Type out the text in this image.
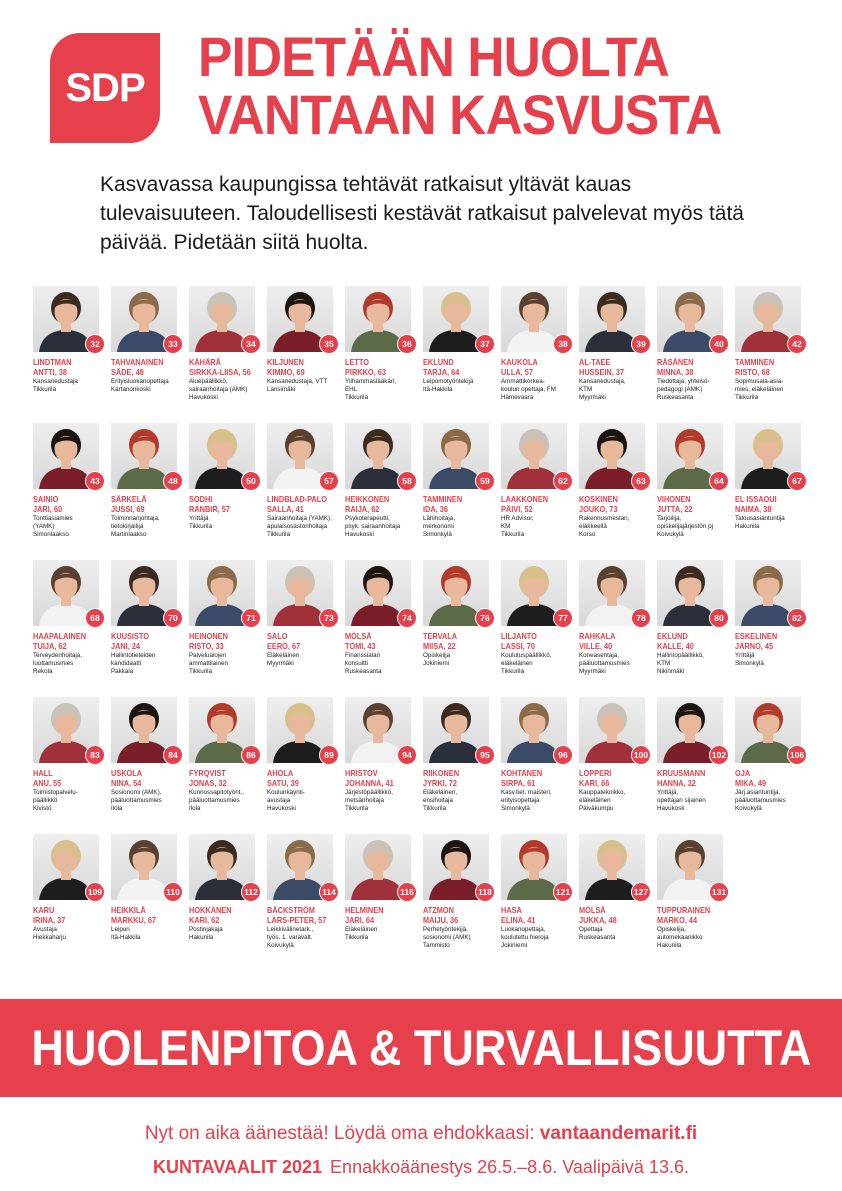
SDP PIDETÄÄN HUOLTA
VANTAAN KASVUSTA
Kasvavassa kaupungissa tehtävät ratkaisut yltävät kauas tulevaisuuteen. Taloudellisesti kestävät ratkaisut palvelevat myös tätä päivää. Pidetään siitä huolta.
32
LINDTMAN
ANTTI, 38
Kansanedustaja
Tikkurila
33
TAHVANAINEN
SÄDE, 48
Erityisluokanopettaja
Kartanonkoski
34
KÄHÄRÄ
SIRKKA-LIISA, 56
Aluepäällikkö,
sairaanhoitaja (AMK)
Havukoski
35
KILJUNEN
KIMMO, 69
Kansanedustaja, VTT
Länsimäki
36
LETTO
PIRKKO, 63
Ylihammaslääkäri,
EHL
Tikkurila
37
EKLUND
TARJA, 64
Leipomotyöntekijä
Itä-Hakkila
38
KAUKOLA
ULLA, 57
Ammattikorkea-
koulun opettaja, FM
Hämevaara
39
AL-TAEE
HUSSEIN, 37
Kansanedustaja,
KTM
Myyrmäki
40
RÄSÄNEN
MINNA, 38
Tiedottaja, yhteisö-
pedagogi (AMK)
Ruskeasanta
42
TAMMINEN
RISTO, 68
Sopimusala-asia-
mies, eläkeläinen
Tikkurila
43
SAINIO
JARI, 60
Tonttiasiamies
(YAMK)
Simonlaakso
48
SÄRKELÄ
JUSSI, 69
Toiminnanjohtaja,
tietokirjailija
Martinlaakso
50
SODHI
RANBIR, 57
Yrittäjä
Tikkurila
57
LINDBLAD-PALO
SALLA, 41
Sairaanhoitaja (YAMK),
apulaisosastonhoitaja
Tikkurila
58
HEIKKONEN
RAIJA, 62
Psykoterapeutti,
psyk. sairaanhoitaja
Havukoski
59
TAMMINEN
IDA, 36
Lähihoitaja,
merkonomi
Simonkylä
62
LAAKKONEN
PÄIVI, 52
HR Advisor,
KM
Tikkurila
63
KOSKINEN
JOUKO, 73
Rakennusmestari,
eläkkeellä
Korso
64
VIHONEN
JUTTA, 22
Tarjoilija,
opiskelijajärjestön pj
Koivukylä
67
EL ISSAOUI
NAIMA, 38
Talousasiantuntija
Hakunila
68
HAAPALAINEN
TUIJA, 62
Terveydenhoitaja,
luottamusmies
Rekola
70
KUUSISTO
JANI, 24
Hallintotieteiden
kandidaatti
Pakkala
71
HEINONEN
RISTO, 33
Palvelualojen
ammattilainen
Tikkurila
73
SALO
EERO, 67
Eläkeläinen
Myyrmäki
74
MÖLSÄ
TOMI, 43
Finanssialan
konsultti
Ruskeasanta
76
TERVALA
MIISA, 22
Opiskelija
Jokiniemi
77
LILJANTO
LASSI, 70
Koulutuspäällikkö,
eläkeläinen
Tikkurila
78
RAHKALA
VILLE, 40
Koneasentaja,
pääluottamusmies
Myyrmäki
80
EKLUND
KALLE, 40
Hallintopäällikkö,
KTM
Nikinmäki
82
ESKELINEN
JARNO, 45
Yrittäjä
Simonkylä
83
HALL
ANU, 55
Toimistopalvelu-
päällikkö
Kivistö
84
USKOLA
NINA, 54
Sosionomi (AMK),
pääluottamusmies
Ilola
86
FYRQVIST
JONAS, 32
Kunnossapitotyönt.,
pääluottamusmies
Ilola
89
AHOLA
SATU, 39
Koulunkäynti-
avustaja
Havukoski
94
HRISTOV
JOHANNA, 41
Järjestöpäällikkö,
metsänhoitaja
Tikkurila
95
RIIKONEN
JYRKI, 72
Eläkeläinen,
ensihoitaja
Tikkurila
96
KOHTANEN
SIRPA, 61
Kasv.tiet. maisteri,
erityisopettaja
Simonkylä
100
LOPPERI
KARI, 66
Kauppateknikko,
eläkeläinen
Päiväkumpu
102
KRUUSMANN
HANNA, 32
Yrittäjä,
opettajan sijainen
Havukosk
106
OJA
MIKA, 49
Järj.asiantuntija,
pääluottamusmies
Koivukylä
109
KARU
IRINA, 37
Avustaja
Hiekkaharju
110
HEIKKILÄ
MARKKU, 67
Leipuri
Itä-Hakkila
112
HOKKANEN
KARI, 62
Postinjakaja
Hakunila
114
BÄCKSTRÖM
LARS-PETER, 57
Leikkivälinetark.,
työs. 1. varavalt.
Koivukylä
116
HELMINEN
JARI, 64
Eläkeläinen
Tikkurila
118
ATZMON
MAIJU, 36
Perhetyöntekijä,
sosionomi (AMK)
Tammisto
121
HASA
ELINA, 41
Luokanopettaja,
koulutettu hieroja
Jokiniemi
127
MÖLSÄ
JUKKA, 48
Opettaja
Ruskeasanta
131
TUPPURAINEN
MARKO, 44
Opiskelija,
automekaanikko
Hakunila
HUOLENPITOA & TURVALLISUUTTA
Nyt on aika äänestää! Löydä oma ehdokkaasi: vantaandemarit.fi
KUNTAVAALIT 2021 Ennakkoäänestys 26.5.–8.6. Vaalipäivä 13.6.
